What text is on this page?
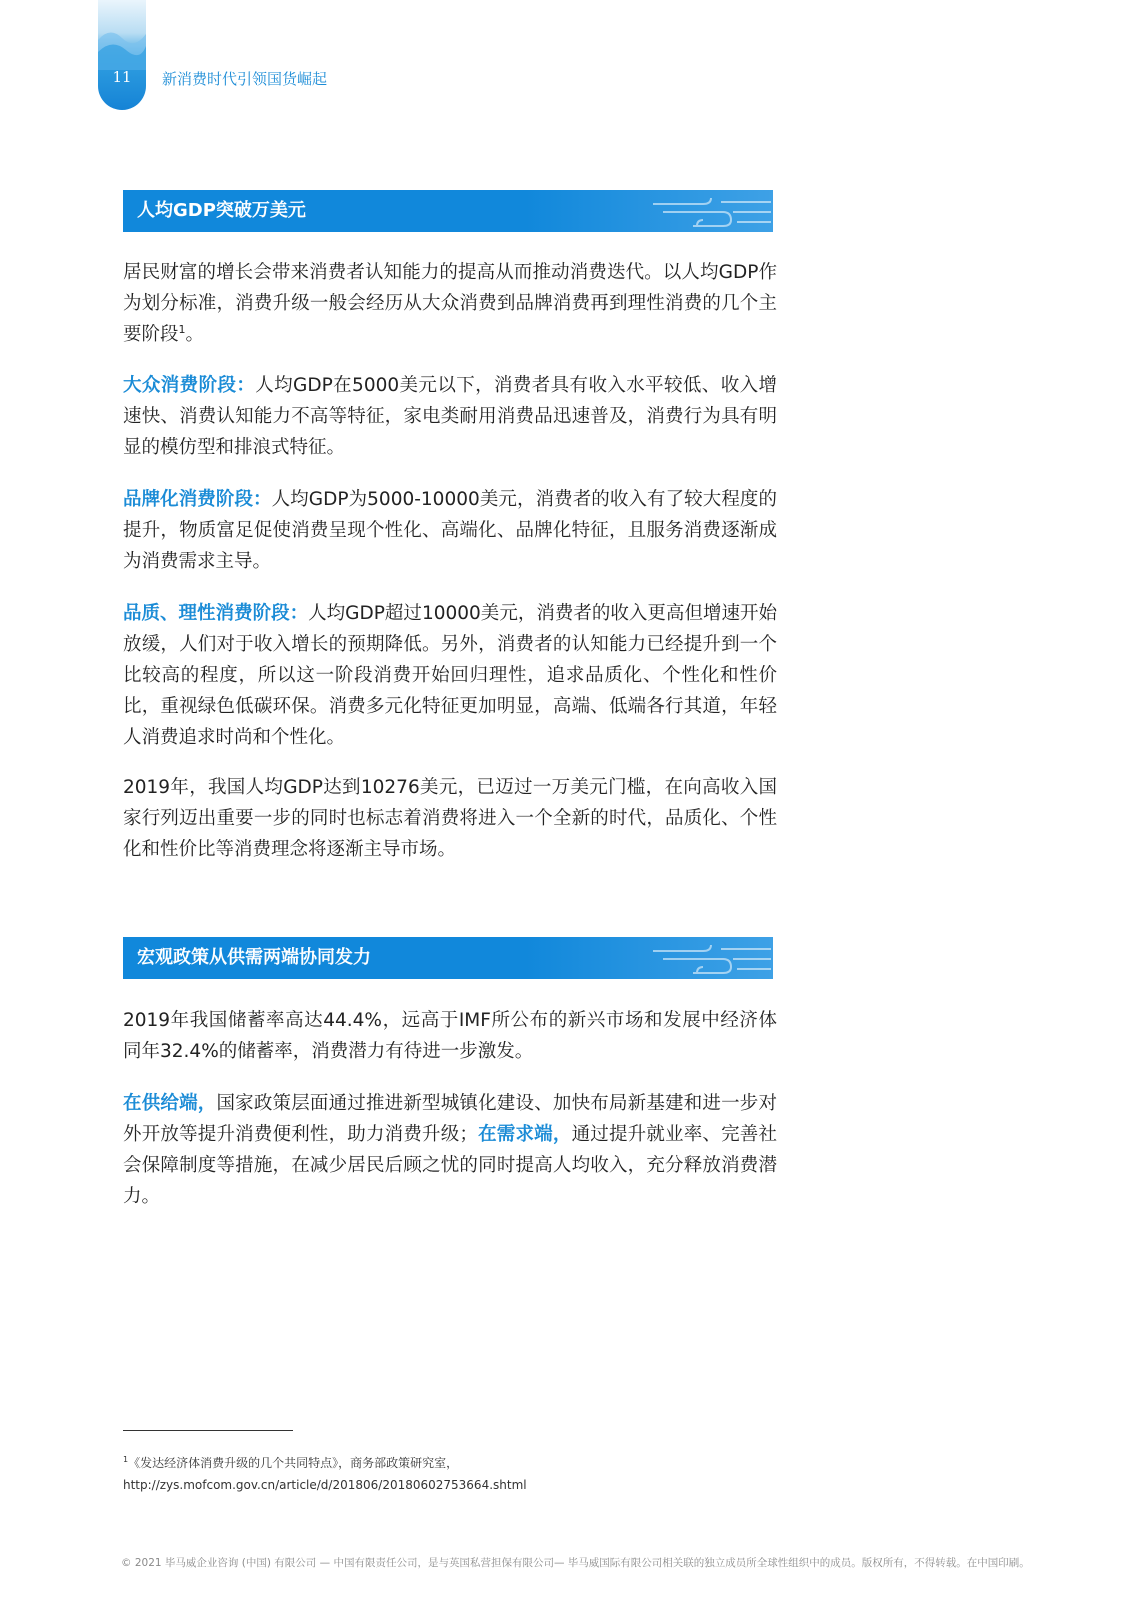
11	新消费时代引领国货崛起
人均GDP突破万美元

居民财富的增长会带来消费者认知能力的提高从而推动消费迭代。以人均GDP作为划分标准，消费升级一般会经历从大众消费到品牌消费再到理性消费的几个主要阶段$^1$。

大众消费阶段：人均GDP在5000美元以下，消费者具有收入水平较低、收入增速快、消费认知能力不高等特征，家电类耐用消费品迅速普及，消费行为具有明显的模仿型和排浪式特征。

品牌化消费阶段：人均GDP为5000-10000美元，消费者的收入有了较大程度的提升，物质富足促使消费呈现个性化、高端化、品牌化特征，且服务消费逐渐成为消费需求主导。

品质、理性消费阶段：人均GDP超过10000美元，消费者的收入更高但增速开始放缓，人们对于收入增长的预期降低。另外，消费者的认知能力已经提升到一个比较高的程度，所以这一阶段消费开始回归理性，追求品质化、个性化和性价比，重视绿色低碳环保。消费多元化特征更加明显，高端、低端各行其道，年轻人消费追求时尚和个性化。

2019年，我国人均GDP达到10276美元，已迈过一万美元门槛，在向高收入国家行列迈出重要一步的同时也标志着消费将进入一个全新的时代，品质化、个性化和性价比等消费理念将逐渐主导市场。

宏观政策从供需两端协同发力

2019年我国储蓄率高达44.4%，远高于IMF所公布的新兴市场和发展中经济体同年32.4%的储蓄率，消费潜力有待进一步激发。

在供给端，国家政策层面通过推进新型城镇化建设、加快布局新基建和进一步对外开放等提升消费便利性，助力消费升级；在需求端，通过提升就业率、完善社会保障制度等措施，在减少居民后顾之忧的同时提高人均收入，充分释放消费潜力。

$^1$《发达经济体消费升级的几个共同特点》，商务部政策研究室，
http://zys.mofcom.gov.cn/article/d/201806/20180602753664.shtml

© 2021 毕马威企业咨询 (中国) 有限公司 — 中国有限责任公司，是与英国私营担保有限公司— 毕马威国际有限公司相关联的独立成员所全球性组织中的成员。版权所有，不得转载。在中国印刷。
